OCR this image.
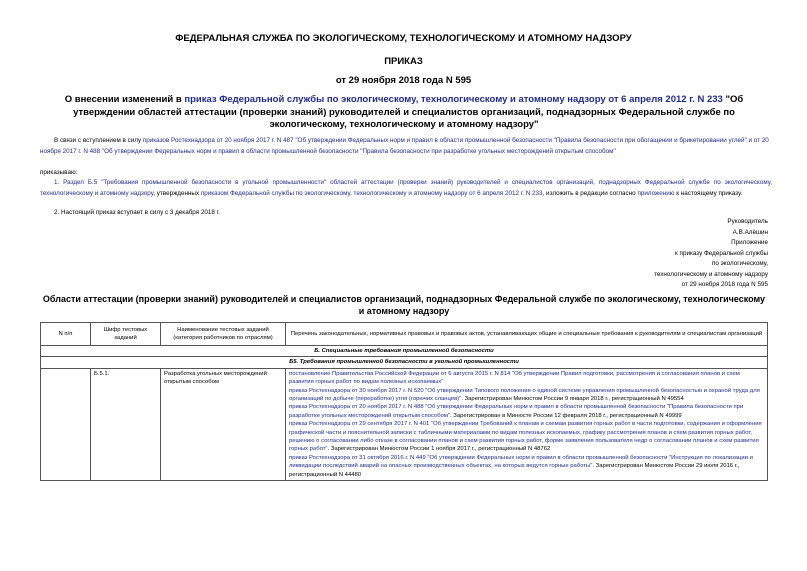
ФЕДЕРАЛЬНАЯ СЛУЖБА ПО ЭКОЛОГИЧЕСКОМУ, ТЕХНОЛОГИЧЕСКОМУ И АТОМНОМУ НАДЗОРУ
ПРИКАЗ
от 29 ноября 2018 года N 595
О внесении изменений в приказ Федеральной службы по экологическому, технологическому и атомному надзору от 6 апреля 2012 г. N 233 "Об утверждении областей аттестации (проверки знаний) руководителей и специалистов организаций, поднадзорных Федеральной службе по экологическому, технологическому и атомному надзору"
В связи с вступлением в силу приказов Ростехнадзора от 20 ноября 2017 г. N 487 "Об утверждении Федеральных норм и правил в области промышленной безопасности "Правила безопасности при обогащении и брикетировании углей" и от 20 ноября 2017 г. N 488 "Об утверждении Федеральных норм и правил в области промышленной безопасности "Правила безопасности при разработке угольных месторождений открытым способом"
приказываю:
1. Раздел Б.5 "Требования промышленной безопасности в угольной промышленности" областей аттестации (проверки знаний) руководителей и специалистов организаций, поднадзорных Федеральной службе по экологическому, технологическому и атомному надзору, утвержденных приказом Федеральной службы по экологическому, технологическому и атомному надзору от 6 апреля 2012 г. N 233, изложить в редакции согласно приложению к настоящему приказу.
2. Настоящий приказ вступает в силу с 3 декабря 2018 г.
Руководитель
А.В.Алёшин
Приложение
к приказу Федеральной службы
по экологическому,
технологическому и атомному надзору
от 29 ноября 2018 года N 595
Области аттестации (проверки знаний) руководителей и специалистов организаций, поднадзорных Федеральной службе по экологическому, технологическому и атомному надзору
N п/п	Шифр тестовых заданий	Наименование тестовых заданий (категория работников по отраслям)	Перечень законодательных, нормативных правовых и правовых актов, устанавливающих общие и специальные требования к руководителям и специалистам организаций
Б. Специальные требования промышленной безопасности			
Б5. Требования промышленной безопасности в угольной промышленности			
	Б.5.1.	Разработка угольных месторождений открытым способом	постановление Правительства Российской Федерации от 6 августа 2015 г. N 814 "Об утверждении Правил подготовки, рассмотрения и согласования планов и схем развития горных работ по видам полезных ископаемых"
приказ Ростехнадзора от 30 ноября 2017 г. N 520 "Об утверждении Типового положения о единой системе управления промышленной безопасностью и охраной труда для организаций по добыче (переработке) угля (горючих сланцев)". Зарегистрирован Минюстом России 9 января 2018 г., регистрационный N 49554
приказ Ростехнадзора от 20 ноября 2017 г. N 488 "Об утверждении Федеральных норм и правил в области промышленной безопасности "Правила безопасности при разработке угольных месторождений открытым способом". Зарегистрирован в Минюсте России 12 февраля 2018 г., регистрационный N 49999
приказ Ростехнадзора от 29 сентября 2017 г. N 401 "Об утверждении Требований к планам и схемам развития горных работ в части подготовки, содержания и оформления графической части и пояснительной записки с табличными материалами по видам полезных ископаемых, графику рассмотрения планов и схем развития горных работ, решению о согласовании либо отказе в согласовании планов и схем развития горных работ, форме заявления пользователя недр о согласовании планов и схем развития горных работ". Зарегистрирован Минюстом России 1 ноября 2017 г., регистрационный N 48762
приказ Ростехнадзора от 31 октября 2016 г. N 449 "Об утверждении Федеральных норм и правил в области промышленной безопасности "Инструкция по локализации и ликвидации последствий аварий на опасных производственных объектах, на которых ведутся горные работы". Зарегистрирован Минюстом России 29 июля 2016 г., регистрационный N 44480
